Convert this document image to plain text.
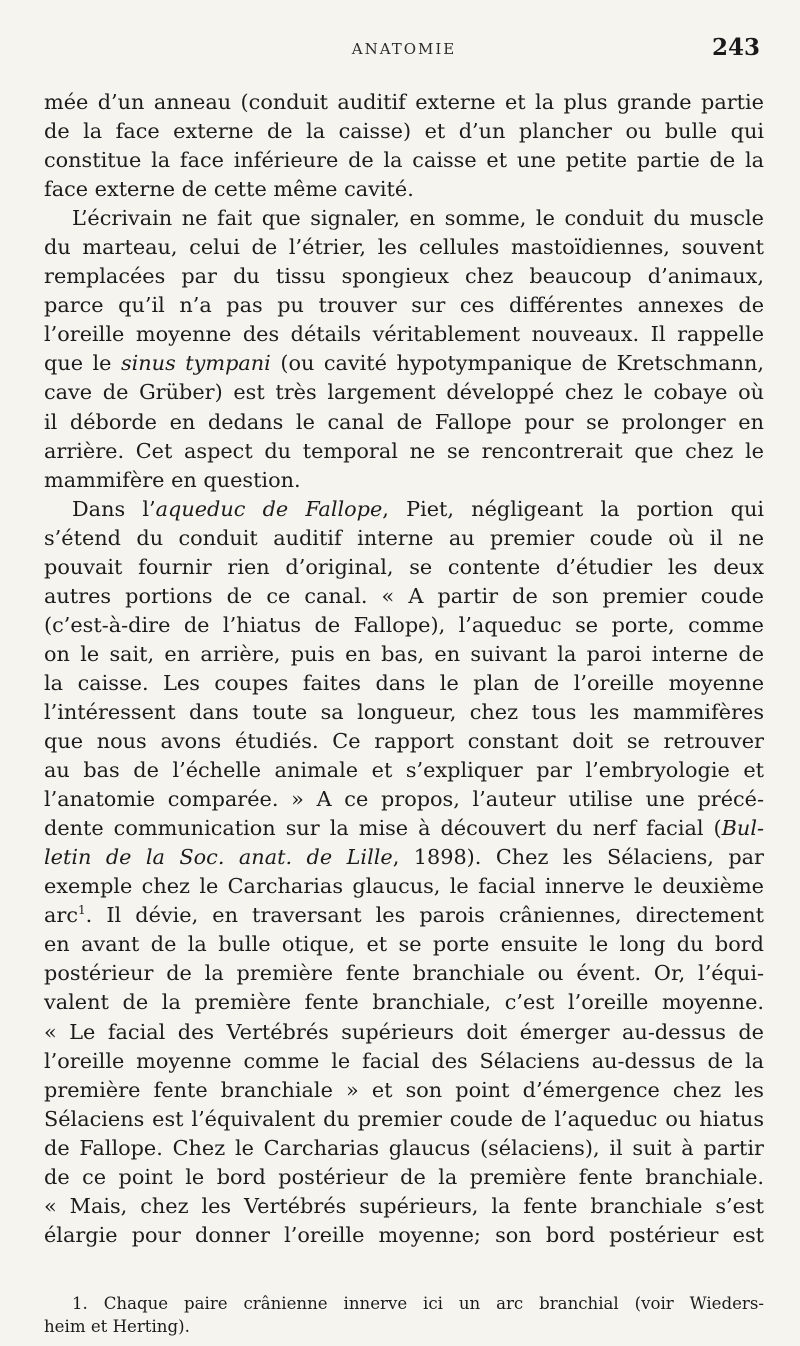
ANATOMIE	243
mée d’un anneau (conduit auditif externe et la plus grande partie
de la face externe de la caisse) et d’un plancher ou bulle qui
constitue la face inférieure de la caisse et une petite partie de la
face externe de cette même cavité.
L’écrivain ne fait que signaler, en somme, le conduit du muscle
du marteau, celui de l’étrier, les cellules mastoïdiennes, souvent
remplacées par du tissu spongieux chez beaucoup d’animaux,
parce qu’il n’a pas pu trouver sur ces différentes annexes de
l’oreille moyenne des détails véritablement nouveaux. Il rappelle
que le sinus tympani (ou cavité hypotympanique de Kretschmann,
cave de Grüber) est très largement développé chez le cobaye où
il déborde en dedans le canal de Fallope pour se prolonger en
arrière. Cet aspect du temporal ne se rencontrerait que chez le
mammifère en question.
Dans l’aqueduc de Fallope, Piet, négligeant la portion qui
s’étend du conduit auditif interne au premier coude où il ne
pouvait fournir rien d’original, se contente d’étudier les deux
autres portions de ce canal. « A partir de son premier coude
(c’est-à-dire de l’hiatus de Fallope), l’aqueduc se porte, comme
on le sait, en arrière, puis en bas, en suivant la paroi interne de
la caisse. Les coupes faites dans le plan de l’oreille moyenne
l’intéressent dans toute sa longueur, chez tous les mammifères
que nous avons étudiés. Ce rapport constant doit se retrouver
au bas de l’échelle animale et s’expliquer par l’embryologie et
l’anatomie comparée. » A ce propos, l’auteur utilise une précé-
dente communication sur la mise à découvert du nerf facial (Bul-
letin de la Soc. anat. de Lille, 1898). Chez les Sélaciens, par
exemple chez le Carcharias glaucus, le facial innerve le deuxième
arc$^1$. Il dévie, en traversant les parois crâniennes, directement
en avant de la bulle otique, et se porte ensuite le long du bord
postérieur de la première fente branchiale ou évent. Or, l’équi-
valent de la première fente branchiale, c’est l’oreille moyenne.
« Le facial des Vertébrés supérieurs doit émerger au-dessus de
l’oreille moyenne comme le facial des Sélaciens au-dessus de la
première fente branchiale » et son point d’émergence chez les
Sélaciens est l’équivalent du premier coude de l’aqueduc ou hiatus
de Fallope. Chez le Carcharias glaucus (sélaciens), il suit à partir
de ce point le bord postérieur de la première fente branchiale.
« Mais, chez les Vertébrés supérieurs, la fente branchiale s’est
élargie pour donner l’oreille moyenne; son bord postérieur est
1. Chaque paire crânienne innerve ici un arc branchial (voir Wieders-
heim et Herting).
